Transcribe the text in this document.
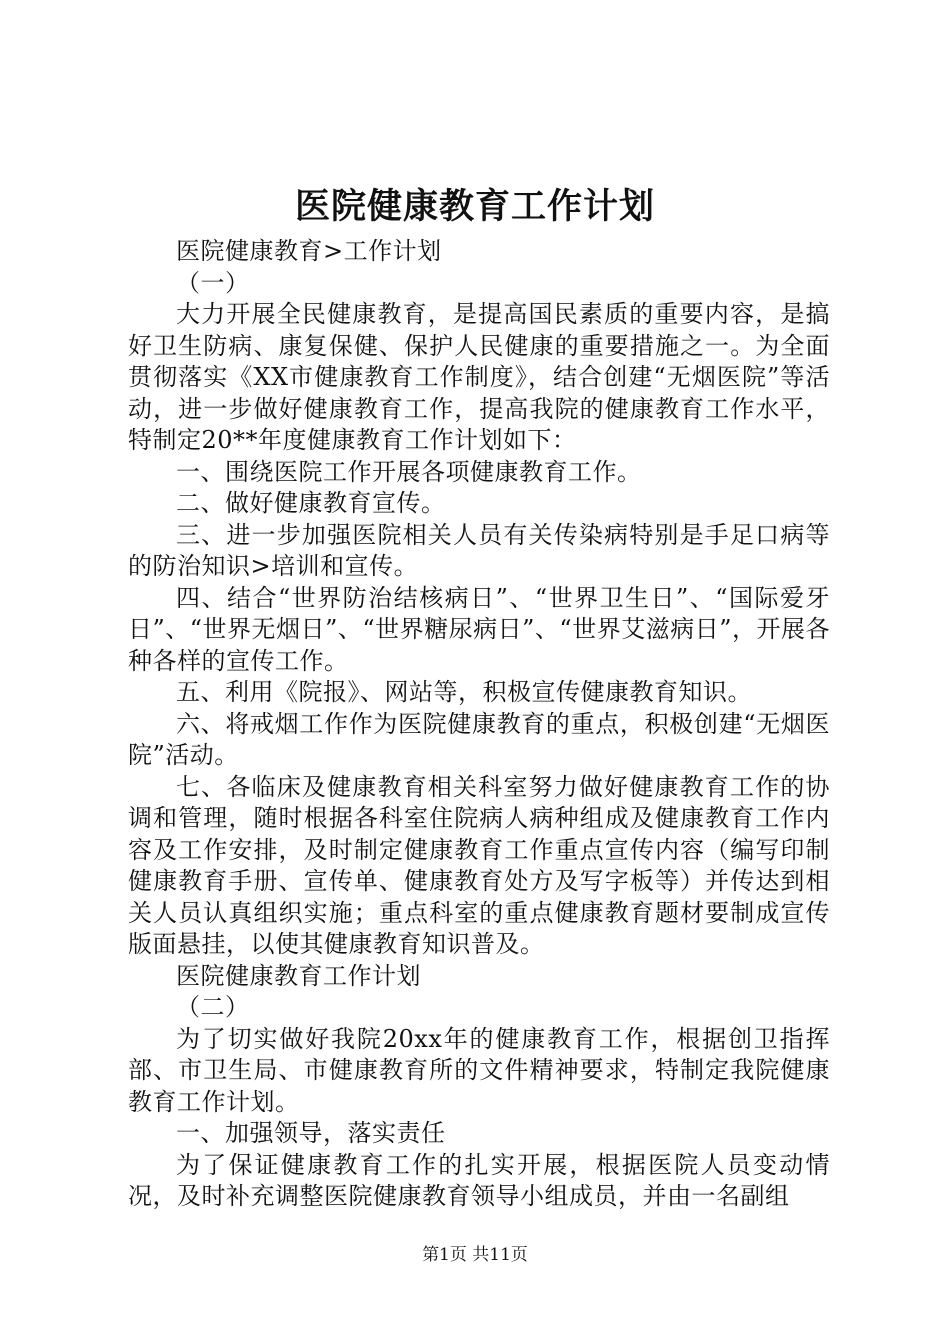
医院健康教育工作计划

医院健康教育>工作计划

（一）

大力开展全民健康教育，是提高国民素质的重要内容，是搞好卫生防病、康复保健、保护人民健康的重要措施之一。为全面贯彻落实《XX市健康教育工作制度》，结合创建“无烟医院”等活动，进一步做好健康教育工作，提高我院的健康教育工作水平，特制定20**年度健康教育工作计划如下：

一、围绕医院工作开展各项健康教育工作。

二、做好健康教育宣传。

三、进一步加强医院相关人员有关传染病特别是手足口病等的防治知识>培训和宣传。

四、结合“世界防治结核病日”、“世界卫生日”、“国际爱牙日”、“世界无烟日”、“世界糖尿病日”、“世界艾滋病日”，开展各种各样的宣传工作。

五、利用《院报》、网站等，积极宣传健康教育知识。

六、将戒烟工作作为医院健康教育的重点，积极创建“无烟医院”活动。

七、各临床及健康教育相关科室努力做好健康教育工作的协调和管理，随时根据各科室住院病人病种组成及健康教育工作内容及工作安排，及时制定健康教育工作重点宣传内容（编写印制健康教育手册、宣传单、健康教育处方及写字板等）并传达到相关人员认真组织实施；重点科室的重点健康教育题材要制成宣传版面悬挂，以使其健康教育知识普及。

医院健康教育工作计划

（二）

为了切实做好我院20xx年的健康教育工作，根据创卫指挥部、市卫生局、市健康教育所的文件精神要求，特制定我院健康教育工作计划。

一、加强领导，落实责任

为了保证健康教育工作的扎实开展，根据医院人员变动情况，及时补充调整医院健康教育领导小组成员，并由一名副组

第1页 共11页
